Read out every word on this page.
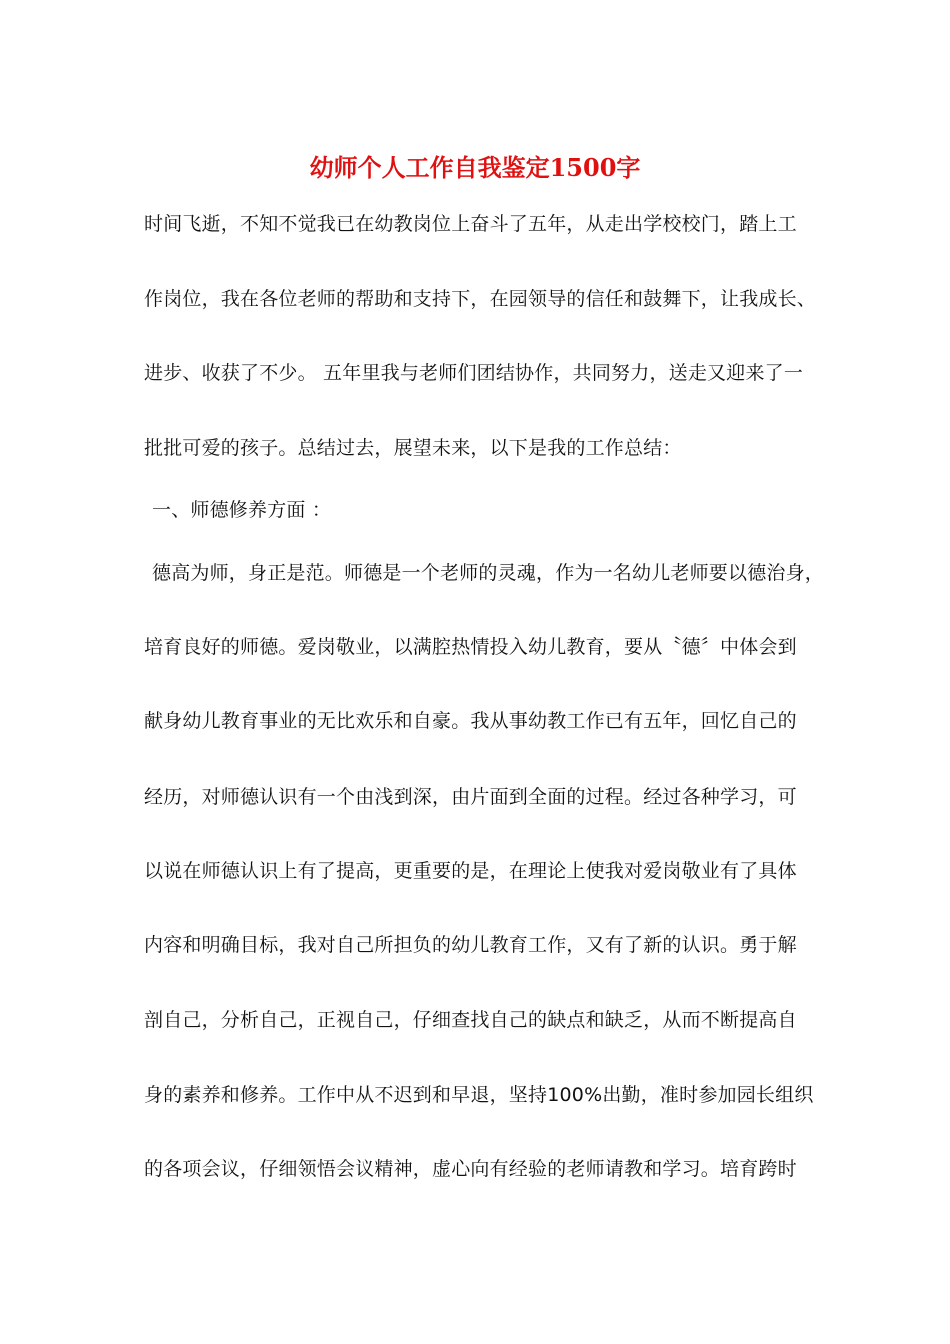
幼师个人工作自我鉴定1500字
时间飞逝，不知不觉我已在幼教岗位上奋斗了五年，从走出学校校门，踏上工
作岗位，我在各位老师的帮助和支持下，在园领导的信任和鼓舞下，让我成长、
进步、收获了不少。 五年里我与老师们团结协作，共同努力，送走又迎来了一
批批可爱的孩子。总结过去，展望未来，以下是我的工作总结：
一、师德修养方面 ：
德高为师，身正是范。师德是一个老师的灵魂，作为一名幼儿老师要以德治身，
培育良好的师德。爱岗敬业，以满腔热情投入幼儿教育，要从〝德〞中体会到
献身幼儿教育事业的无比欢乐和自豪。我从事幼教工作已有五年，回忆自己的
经历，对师德认识有一个由浅到深，由片面到全面的过程。经过各种学习，可
以说在师德认识上有了提高，更重要的是，在理论上使我对爱岗敬业有了具体
内容和明确目标，我对自己所担负的幼儿教育工作，又有了新的认识。勇于解
剖自己，分析自己，正视自己，仔细查找自己的缺点和缺乏，从而不断提高自
身的素养和修养。工作中从不迟到和早退，坚持100%出勤，准时参加园长组织
的各项会议，仔细领悟会议精神，虚心向有经验的老师请教和学习。培育跨时
